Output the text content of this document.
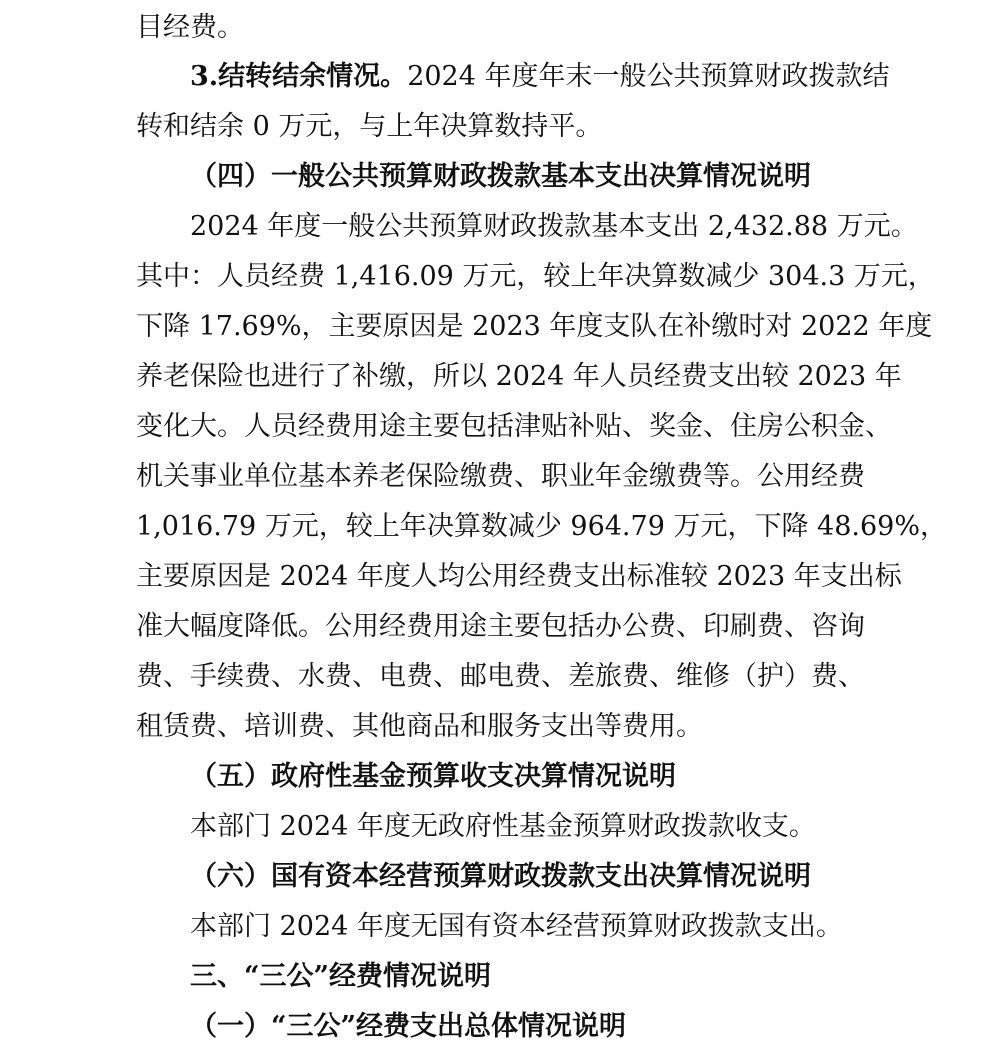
目经费。
3.结转结余情况。2024 年度年末一般公共预算财政拨款结
转和结余 0 万元，与上年决算数持平。
（四）一般公共预算财政拨款基本支出决算情况说明
2024 年度一般公共预算财政拨款基本支出 2,432.88 万元。
其中：人员经费 1,416.09 万元，较上年决算数减少 304.3 万元，
下降 17.69%，主要原因是 2023 年度支队在补缴时对 2022 年度
养老保险也进行了补缴，所以 2024 年人员经费支出较 2023 年
变化大。人员经费用途主要包括津贴补贴、奖金、住房公积金、
机关事业单位基本养老保险缴费、职业年金缴费等。公用经费
1,016.79 万元，较上年决算数减少 964.79 万元，下降 48.69%，
主要原因是 2024 年度人均公用经费支出标准较 2023 年支出标
准大幅度降低。公用经费用途主要包括办公费、印刷费、咨询
费、手续费、水费、电费、邮电费、差旅费、维修（护）费、
租赁费、培训费、其他商品和服务支出等费用。
（五）政府性基金预算收支决算情况说明
本部门 2024 年度无政府性基金预算财政拨款收支。
（六）国有资本经营预算财政拨款支出决算情况说明
本部门 2024 年度无国有资本经营预算财政拨款支出。
三、“三公”经费情况说明
（一）“三公”经费支出总体情况说明
